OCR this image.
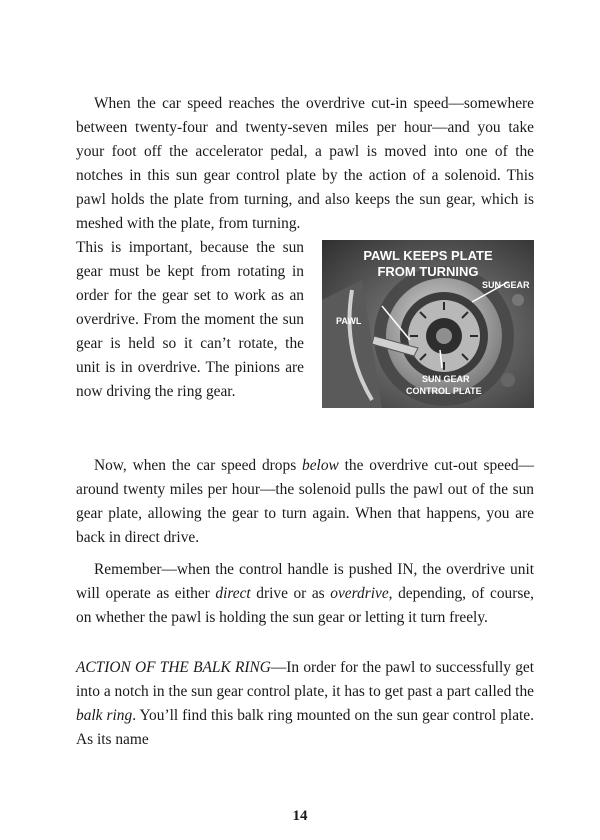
When the car speed reaches the overdrive cut-in speed—somewhere between twenty-four and twenty-seven miles per hour—and you take your foot off the accelerator pedal, a pawl is moved into one of the notches in this sun gear control plate by the action of a solenoid. This pawl holds the plate from turning, and also keeps the sun gear, which is meshed with the plate, from turning.

This is important, because the sun gear must be kept from rotating in order for the gear set to work as an overdrive. From the moment the sun gear is held so it can’t rotate, the unit is in overdrive. The pinions are now driving the ring gear.

PAWL KEEPS PLATE
FROM TURNING
SUN GEAR
PAWL
SUN GEAR
CONTROL PLATE

Now, when the car speed drops below the overdrive cut-out speed—around twenty miles per hour—the solenoid pulls the pawl out of the sun gear plate, allowing the gear to turn again. When that happens, you are back in direct drive.

Remember—when the control handle is pushed IN, the overdrive unit will operate as either direct drive or as overdrive, depending, of course, on whether the pawl is holding the sun gear or letting it turn freely.

ACTION OF THE BALK RING—In order for the pawl to successfully get into a notch in the sun gear control plate, it has to get past a part called the balk ring. You’ll find this balk ring mounted on the sun gear control plate. As its name

14
